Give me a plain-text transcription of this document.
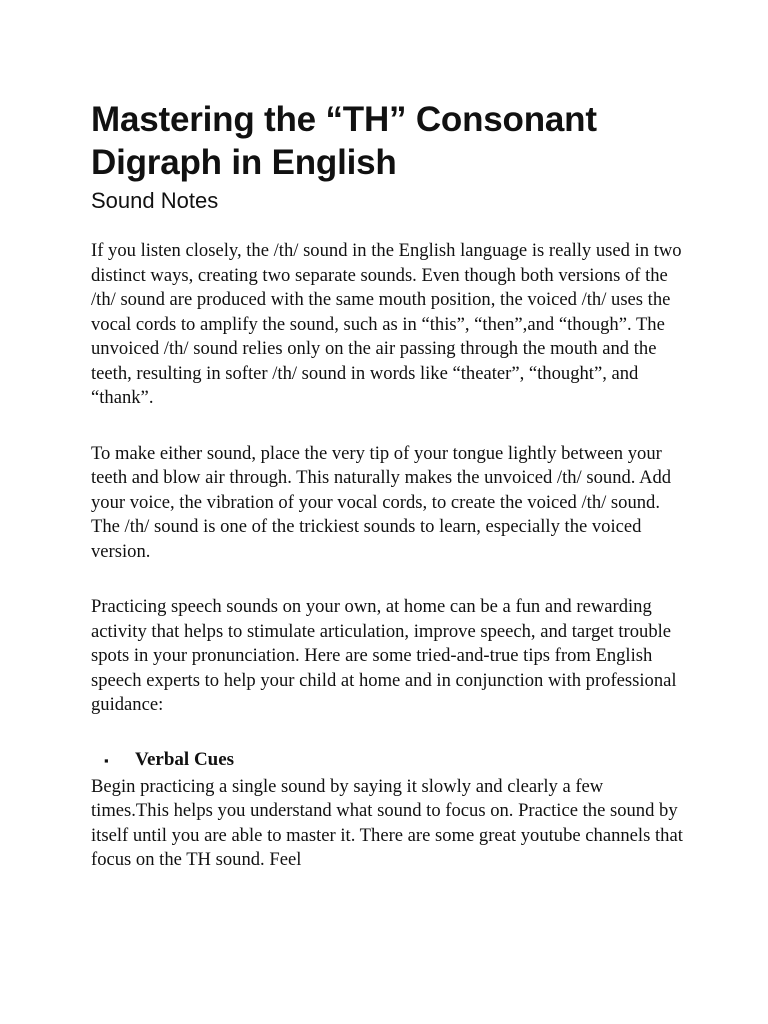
Mastering the “TH” Consonant Digraph in English
Sound Notes

If you listen closely, the /th/ sound in the English language is really used in two distinct ways, creating two separate sounds. Even though both versions of the /th/ sound are produced with the same mouth position, the voiced /th/ uses the vocal cords to amplify the sound, such as in “this”, “then”,and “though”. The unvoiced /th/ sound relies only on the air passing through the mouth and the teeth, resulting in softer /th/ sound in words like “theater”, “thought”, and “thank”.

To make either sound, place the very tip of your tongue lightly between your teeth and blow air through. This naturally makes the unvoiced /th/ sound. Add your voice, the vibration of your vocal cords, to create the voiced /th/ sound. The /th/ sound is one of the trickiest sounds to learn, especially the voiced version.

Practicing speech sounds on your own, at home can be a fun and rewarding activity that helps to stimulate articulation, improve speech, and target trouble spots in your pronunciation. Here are some tried-and-true tips from English speech experts to help your child at home and in conjunction with professional guidance:

▪	Verbal Cues

Begin practicing a single sound by saying it slowly and clearly a few times.This helps you understand what sound to focus on. Practice the sound by itself until you are able to master it. There are some great youtube channels that focus on the TH sound. Feel
